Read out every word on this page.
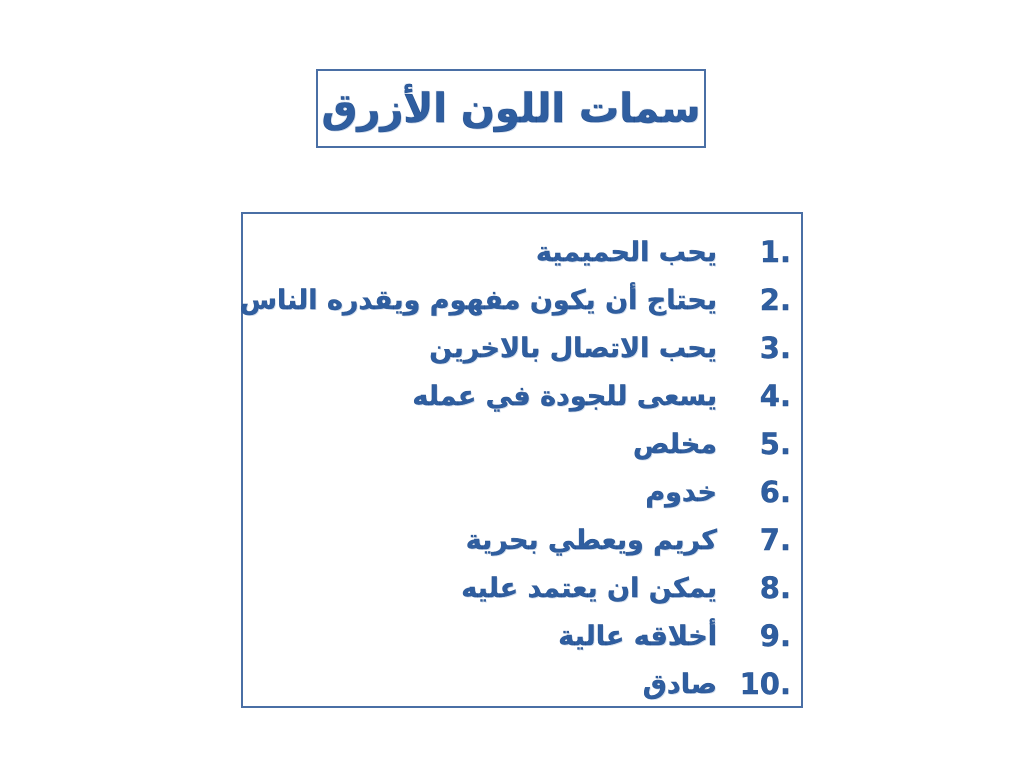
سمات اللون الأزرق
1.
يحب الحميمية
2.
يحتاج أن يكون مفهوم ويقدره الناس
3.
يحب الاتصال بالاخرين
4.
يسعى للجودة في عمله
5.
مخلص
6.
خدوم
7.
كريم ويعطي بحرية
8.
يمكن ان يعتمد عليه
9.
أخلاقه عالية
10.
صادق
